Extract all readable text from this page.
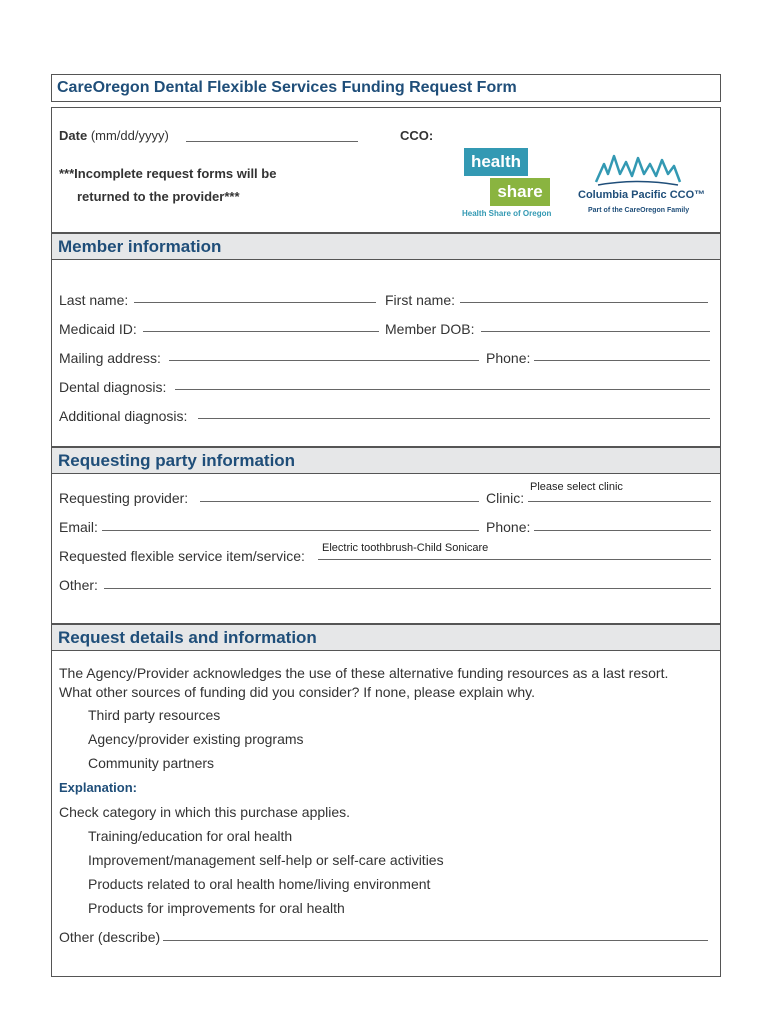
CareOregon Dental Flexible Services Funding Request Form
Date (mm/dd/yyyy)	CCO:
***Incomplete request forms will be
returned to the provider***
health
share
Health Share of Oregon
Columbia Pacific CCO™
Part of the CareOregon Family
Member information
Last name:	First name:
Medicaid ID:	Member DOB:
Mailing address:	Phone:
Dental diagnosis:
Additional diagnosis:
Requesting party information
Requesting provider:	Clinic:
Please select clinic
Email:	Phone:
Requested flexible service item/service: Electric toothbrush-Child Sonicare
Other:
Request details and information
The Agency/Provider acknowledges the use of these alternative funding resources as a last resort.
What other sources of funding did you consider? If none, please explain why.
Third party resources
Agency/provider existing programs
Community partners
Explanation:
Check category in which this purchase applies.
Training/education for oral health
Improvement/management self-help or self-care activities
Products related to oral health home/living environment
Products for improvements for oral health
Other (describe)
